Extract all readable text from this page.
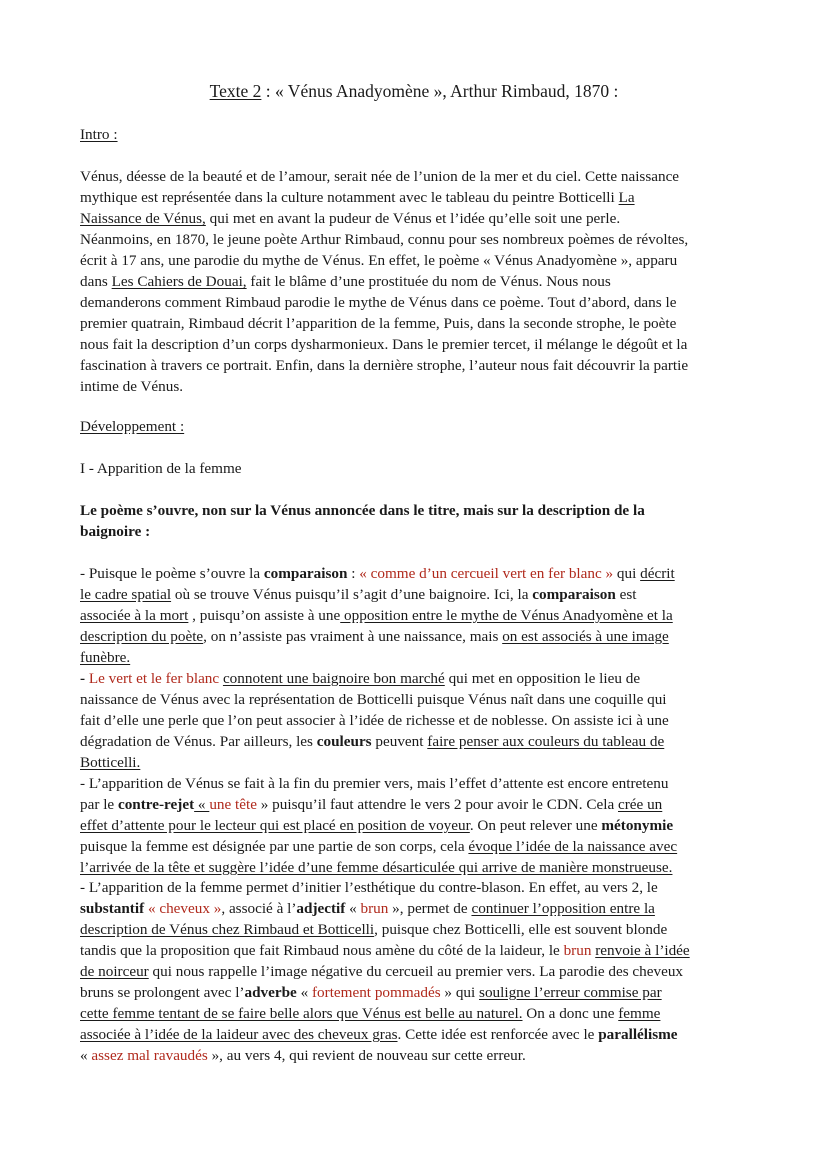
Texte 2 : « Vénus Anadyomène », Arthur Rimbaud, 1870 :
Intro :
Vénus, déesse de la beauté et de l’amour, serait née de l’union de la mer et du ciel. Cette naissance
mythique est représentée dans la culture notamment avec le tableau du peintre Botticelli La
Naissance de Vénus, qui met en avant la pudeur de Vénus et l’idée qu’elle soit une perle.
Néanmoins, en 1870, le jeune poète Arthur Rimbaud, connu pour ses nombreux poèmes de révoltes,
écrit à 17 ans, une parodie du mythe de Vénus. En effet, le poème « Vénus Anadyomène », apparu
dans Les Cahiers de Douai, fait le blâme d’une prostituée du nom de Vénus. Nous nous
demanderons comment Rimbaud parodie le mythe de Vénus dans ce poème. Tout d’abord, dans le
premier quatrain, Rimbaud décrit l’apparition de la femme, Puis, dans la seconde strophe, le poète
nous fait la description d’un corps dysharmonieux. Dans le premier tercet, il mélange le dégoût et la
fascination à travers ce portrait. Enfin, dans la dernière strophe, l’auteur nous fait découvrir la partie
intime de Vénus.
Développement :
I - Apparition de la femme
Le poème s’ouvre, non sur la Vénus annoncée dans le titre, mais sur la description de la
baignoire :
- Puisque le poème s’ouvre la comparaison : « comme d’un cercueil vert en fer blanc » qui décrit
le cadre spatial où se trouve Vénus puisqu’il s’agit d’une baignoire. Ici, la comparaison est
associée à la mort , puisqu’on assiste à une opposition entre le mythe de Vénus Anadyomène et la
description du poète, on n’assiste pas vraiment à une naissance, mais on est associés à une image
funèbre.
- Le vert et le fer blanc connotent une baignoire bon marché qui met en opposition le lieu de
naissance de Vénus avec la représentation de Botticelli puisque Vénus naît dans une coquille qui
fait d’elle une perle que l’on peut associer à l’idée de richesse et de noblesse. On assiste ici à une
dégradation de Vénus. Par ailleurs, les couleurs peuvent faire penser aux couleurs du tableau de
Botticelli.
- L’apparition de Vénus se fait à la fin du premier vers, mais l’effet d’attente est encore entretenu
par le contre-rejet « une tête » puisqu’il faut attendre le vers 2 pour avoir le CDN. Cela crée un
effet d’attente pour le lecteur qui est placé en position de voyeur. On peut relever une métonymie
puisque la femme est désignée par une partie de son corps, cela évoque l’idée de la naissance avec
l’arrivée de la tête et suggère l’idée d’une femme désarticulée qui arrive de manière monstrueuse.
- L’apparition de la femme permet d’initier l’esthétique du contre-blason. En effet, au vers 2, le
substantif « cheveux », associé à l’adjectif « brun », permet de continuer l’opposition entre la
description de Vénus chez Rimbaud et Botticelli, puisque chez Botticelli, elle est souvent blonde
tandis que la proposition que fait Rimbaud nous amène du côté de la laideur, le brun renvoie à l’idée
de noirceur qui nous rappelle l’image négative du cercueil au premier vers. La parodie des cheveux
bruns se prolongent avec l’adverbe « fortement pommadés » qui souligne l’erreur commise par
cette femme tentant de se faire belle alors que Vénus est belle au naturel. On a donc une femme
associée à l’idée de la laideur avec des cheveux gras. Cette idée est renforcée avec le parallélisme
« assez mal ravaudés », au vers 4, qui revient de nouveau sur cette erreur.
